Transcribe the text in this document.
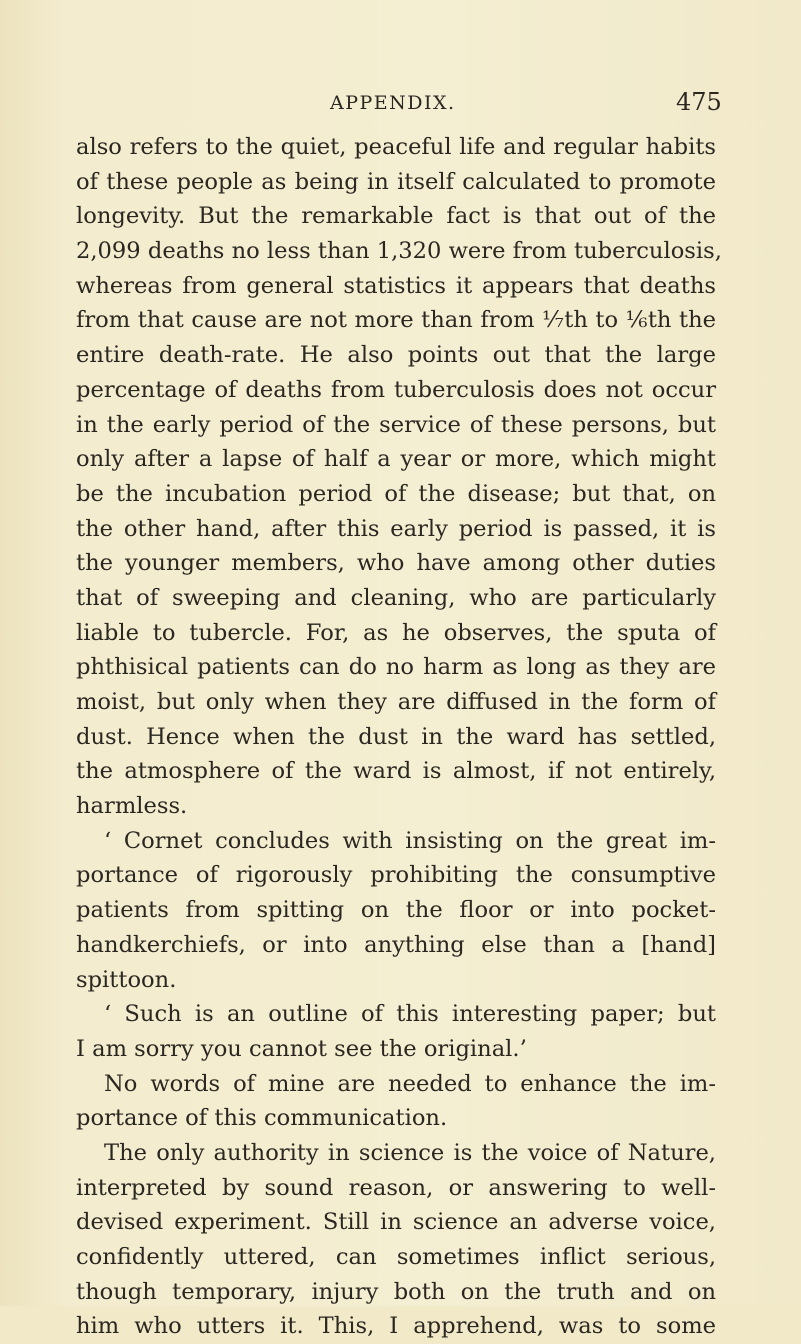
APPENDIX.	475
also refers to the quiet, peaceful life and regular habits
of these people as being in itself calculated to promote
longevity. But the remarkable fact is that out of the
2,099 deaths no less than 1,320 were from tuberculosis,
whereas from general statistics it appears that deaths
from that cause are not more than from ⅐th to ⅙th the
entire death-rate. He also points out that the large
percentage of deaths from tuberculosis does not occur
in the early period of the service of these persons, but
only after a lapse of half a year or more, which might
be the incubation period of the disease; but that, on
the other hand, after this early period is passed, it is
the younger members, who have among other duties
that of sweeping and cleaning, who are particularly
liable to tubercle. For, as he observes, the sputa of
phthisical patients can do no harm as long as they are
moist, but only when they are diffused in the form of
dust. Hence when the dust in the ward has settled,
the atmosphere of the ward is almost, if not entirely,
harmless.
‘ Cornet concludes with insisting on the great im-
portance of rigorously prohibiting the consumptive
patients from spitting on the floor or into pocket-
handkerchiefs, or into anything else than a [hand]
spittoon.
‘ Such is an outline of this interesting paper; but
I am sorry you cannot see the original.’
No words of mine are needed to enhance the im-
portance of this communication.
The only authority in science is the voice of Nature,
interpreted by sound reason, or answering to well-
devised experiment. Still in science an adverse voice,
confidently uttered, can sometimes inflict serious,
though temporary, injury both on the truth and on
him who utters it. This, I apprehend, was to some
